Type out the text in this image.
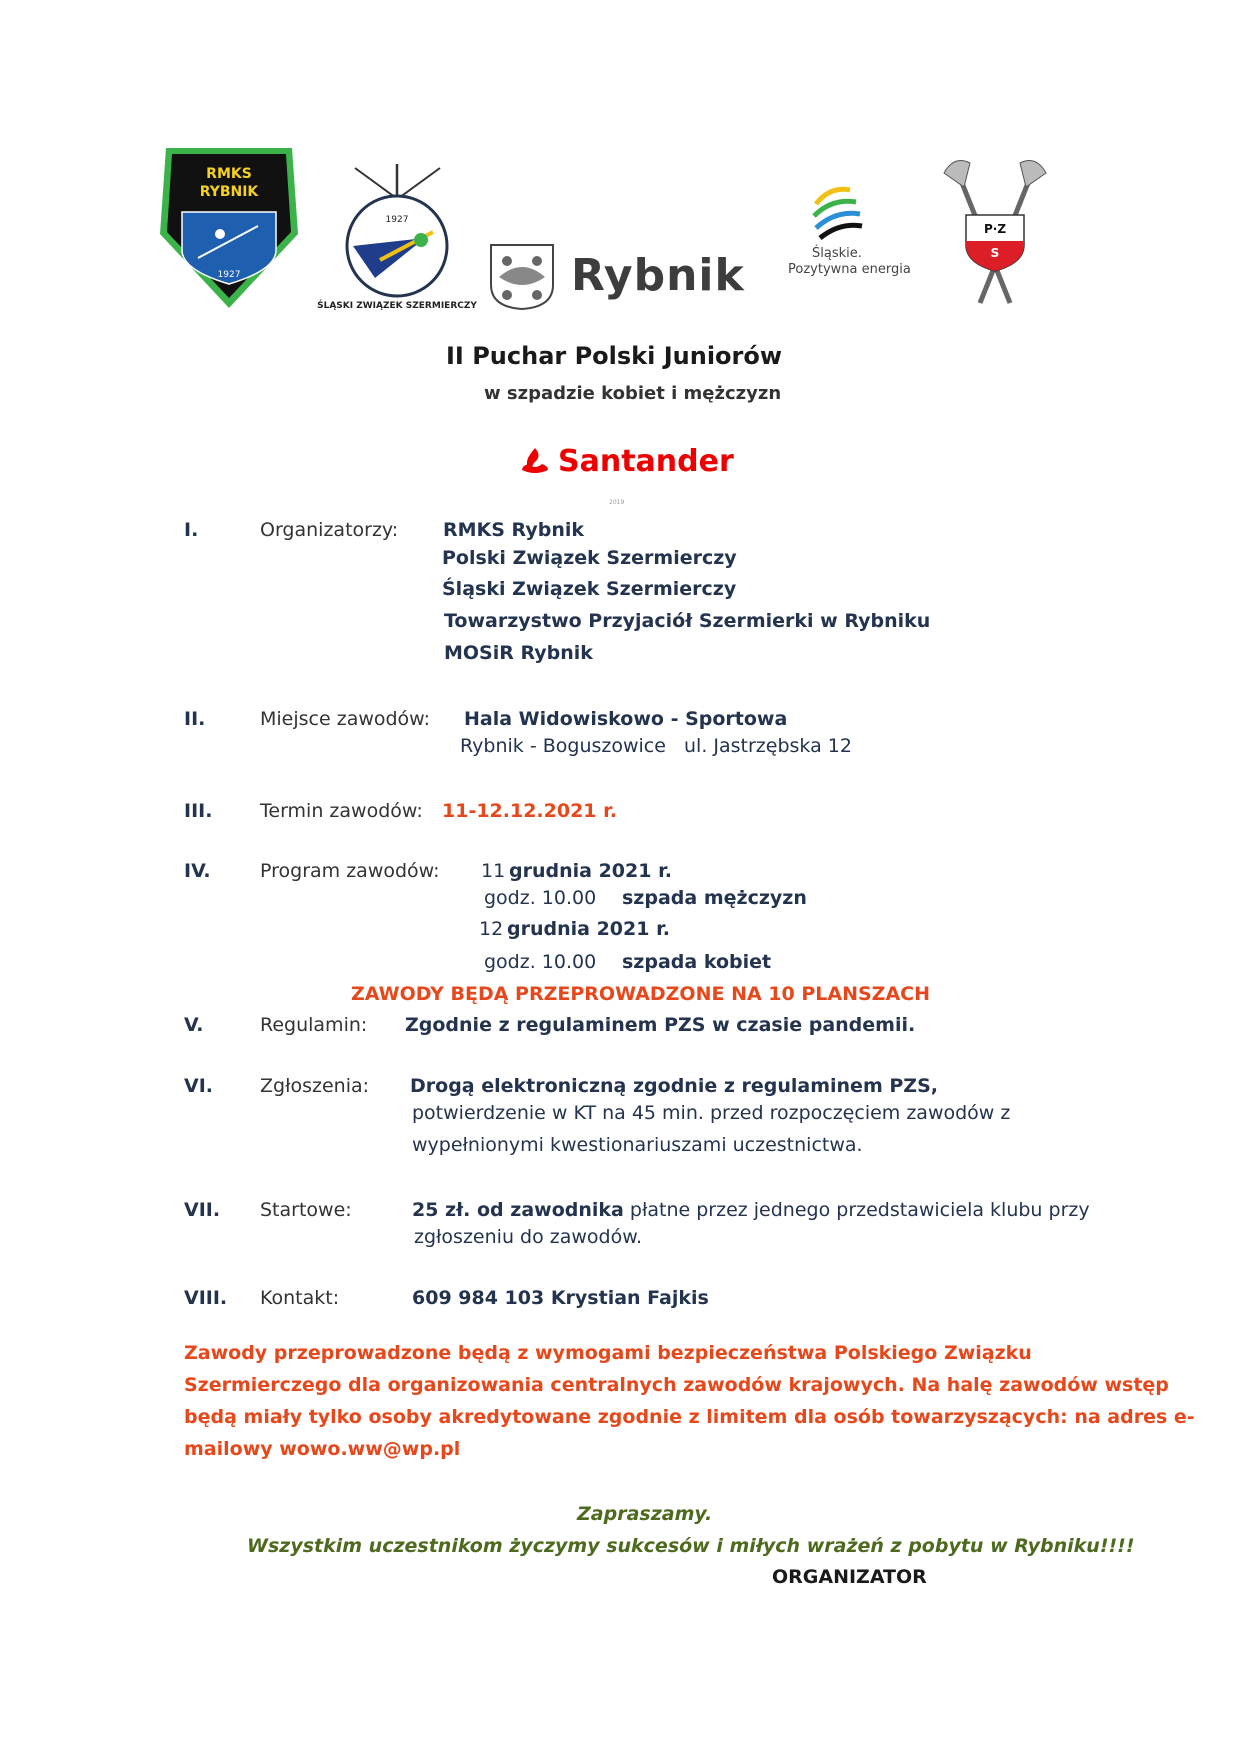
RMKS
RYBNIK
1927
1927
ŚLĄSKI ZWIĄZEK SZERMIERCZY
Rybnik	Śląskie.
Pozytywna energia
P·Z
S
II Puchar Polski Juniorów
w szpadzie kobiet i mężczyzn
Santander
2019
I.	Organizatorzy: RMKS Rybnik
Polski Związek Szermierczy
Śląski Związek Szermierczy
Towarzystwo Przyjaciół Szermierki w Rybniku
MOSiR Rybnik
II.	Miejsce zawodów: Hala Widowiskowo - Sportowa
Rybnik - Boguszowice ul. Jastrzębska 12
III.	Termin zawodów: 11-12.12.2021 r.
IV.	Program zawodów: 11 grudnia 2021 r.
godz. 10.00 szpada mężczyzn
12 grudnia 2021 r.
godz. 10.00 szpada kobiet
ZAWODY BĘDĄ PRZEPROWADZONE NA 10 PLANSZACH
V.	Regulamin: Zgodnie z regulaminem PZS w czasie pandemii.
VI. Zgłoszenia: Drogą elektroniczną zgodnie z regulaminem PZS,
potwierdzenie w KT na 45 min. przed rozpoczęciem zawodów z
wypełnionymi kwestionariuszami uczestnictwa.
VII. Startowe:	25 zł. od zawodnika płatne przez jednego przedstawiciela klubu przy
zgłoszeniu do zawodów.
VIII. Kontakt:	609 984 103 Krystian Fajkis
Zawody przeprowadzone będą z wymogami bezpieczeństwa Polskiego Związku
Szermierczego dla organizowania centralnych zawodów krajowych. Na halę zawodów wstęp
będą miały tylko osoby akredytowane zgodnie z limitem dla osób towarzyszących: na adres e-
mailowy wowo.ww@wp.pl
Zapraszamy.
Wszystkim uczestnikom życzymy sukcesów i miłych wrażeń z pobytu w Rybniku!!!!
ORGANIZATOR
